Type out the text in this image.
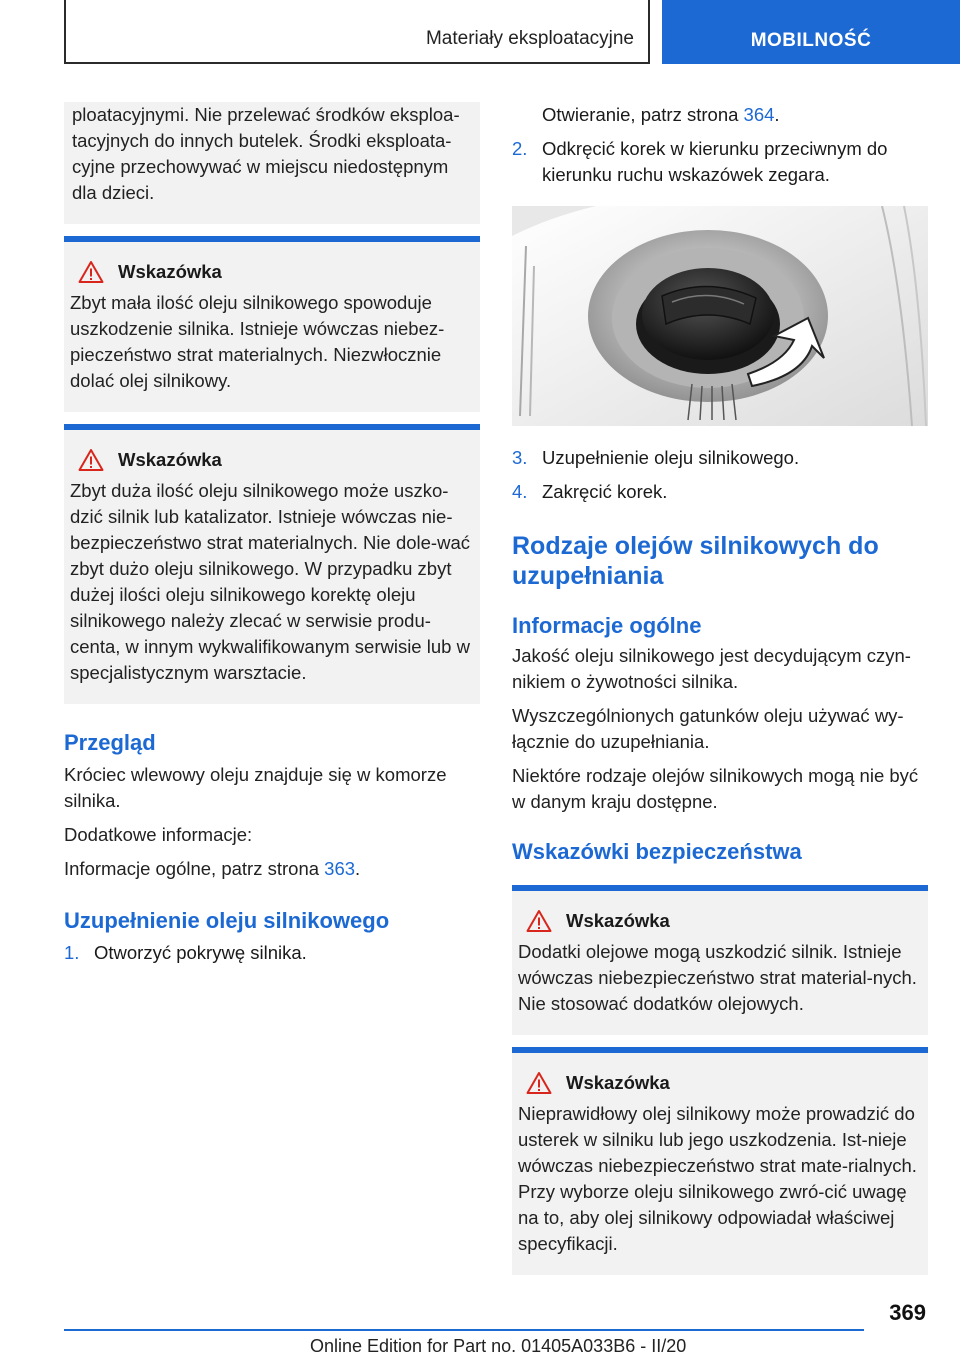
Materiały eksploatacyjne	MOBILNOŚĆ

ploatacyjnymi. Nie przelewać środków eksploa-tacyjnych do innych butelek. Środki eksploata-cyjne przechowywać w miejscu niedostępnym dla dzieci.

Wskazówka

Zbyt mała ilość oleju silnikowego spowoduje uszkodzenie silnika. Istnieje wówczas niebez-pieczeństwo strat materialnych. Niezwłocznie dolać olej silnikowy.

Wskazówka

Zbyt duża ilość oleju silnikowego może uszko-dzić silnik lub katalizator. Istnieje wówczas nie-bezpieczeństwo strat materialnych. Nie dole-wać zbyt dużo oleju silnikowego. W przypadku zbyt dużej ilości oleju silnikowego korektę oleju silnikowego należy zlecać w serwisie produ-centa, w innym wykwalifikowanym serwisie lub w specjalistycznym warsztacie.

Przegląd

Króciec wlewowy oleju znajduje się w komorze silnika.

Dodatkowe informacje:

Informacje ogólne, patrz strona 363.

Uzupełnienie oleju silnikowego
1. Otworzyć pokrywę silnika.
Otwieranie, patrz strona 364.
2. Odkręcić korek w kierunku przeciwnym do kierunku ruchu wskazówek zegara.
3. Uzupełnienie oleju silnikowego.
4. Zakręcić korek.
Rodzaje olejów silnikowych do uzupełniania
Informacje ogólne

Jakość oleju silnikowego jest decydującym czyn-nikiem o żywotności silnika.

Wyszczególnionych gatunków oleju używać wy-łącznie do uzupełniania.

Niektóre rodzaje olejów silnikowych mogą nie być w danym kraju dostępne.

Wskazówki bezpieczeństwa
Wskazówka

Dodatki olejowe mogą uszkodzić silnik. Istnieje wówczas niebezpieczeństwo strat material-nych. Nie stosować dodatków olejowych.

Wskazówka

Nieprawidłowy olej silnikowy może prowadzić do usterek w silniku lub jego uszkodzenia. Ist-nieje wówczas niebezpieczeństwo strat mate-rialnych. Przy wyborze oleju silnikowego zwró-cić uwagę na to, aby olej silnikowy odpowiadał właściwej specyfikacji.

369
Online Edition for Part no. 01405A033B6 - II/20
